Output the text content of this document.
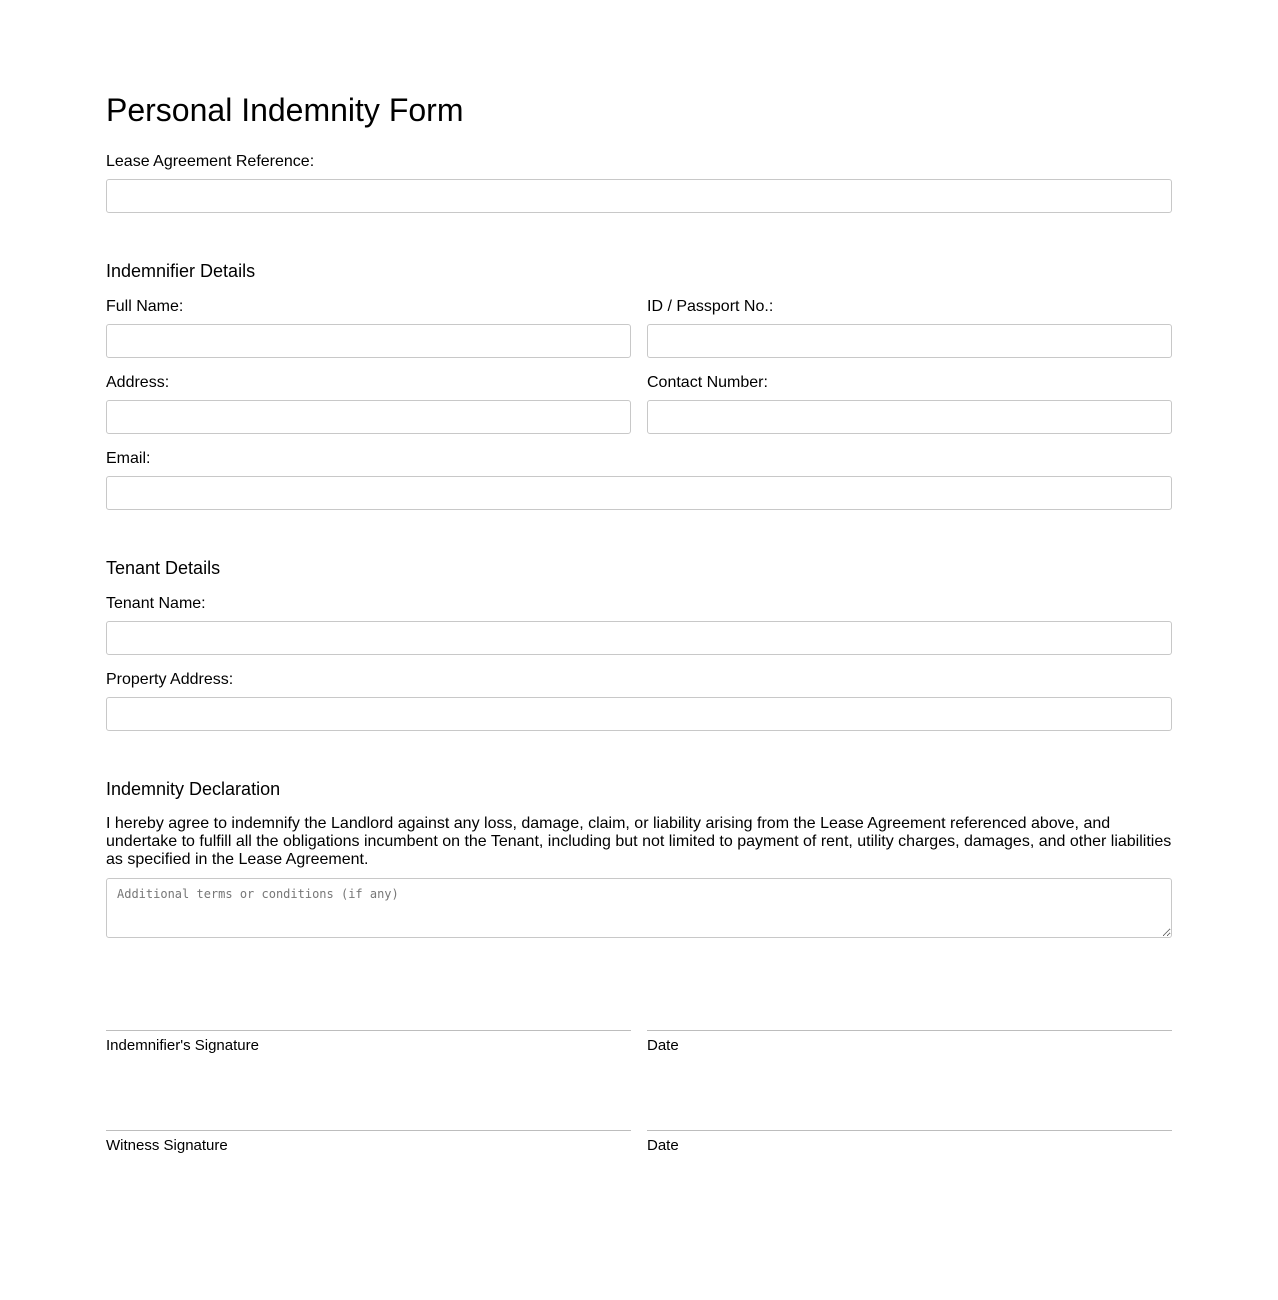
Personal Indemnity Form
Lease Agreement Reference:
Indemnifier Details
Full Name:	ID / Passport No.:
Address:	Contact Number:
Email:
Tenant Details
Tenant Name:
Property Address:
Indemnity Declaration

I hereby agree to indemnify the Landlord against any loss, damage, claim, or liability arising from the Lease Agreement referenced above, and undertake to fulfill all the obligations incumbent on the Tenant, including but not limited to payment of rent, utility charges, damages, and other liabilities as specified in the Lease Agreement.

Additional terms or conditions (if any)
Indemnifier's Signature	Date
Witness Signature	Date
